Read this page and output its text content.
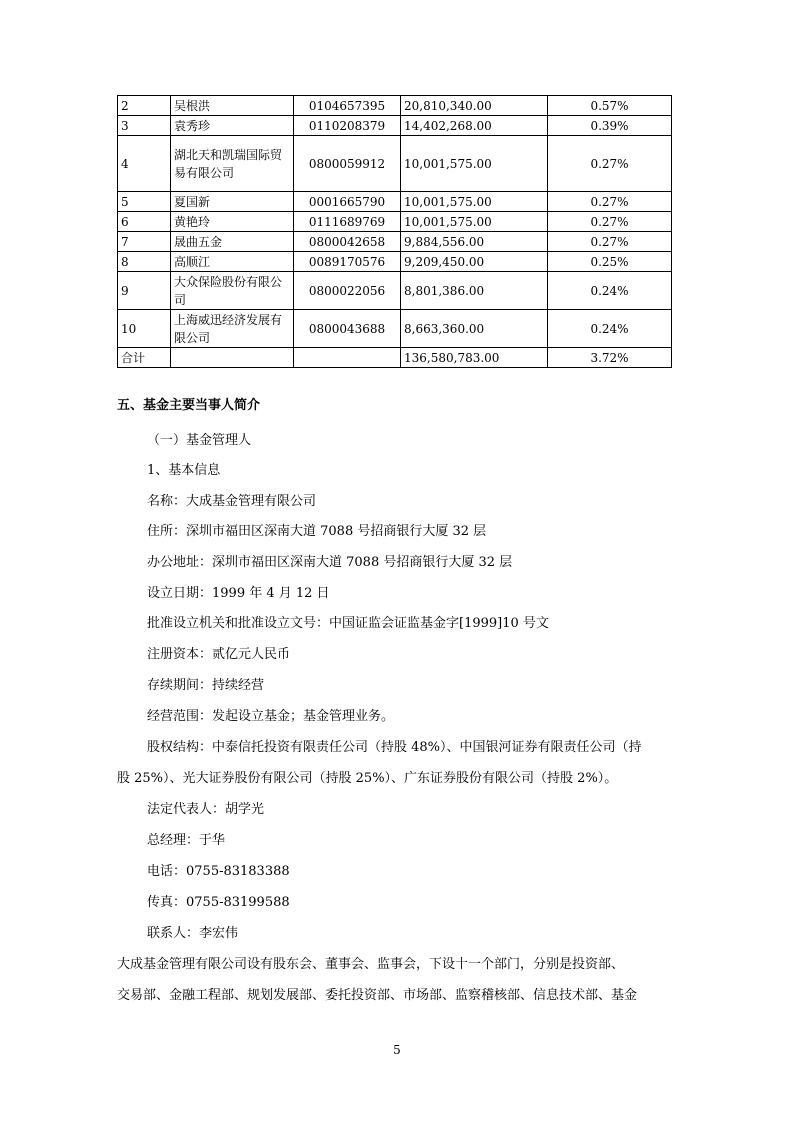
2	吴根洪	0104657395	20,810,340.00	0.57%
3	袁秀珍	0110208379	14,402,268.00	0.39%
4	湖北天和凯瑞国际贸易有限公司	0800059912	10,001,575.00	0.27%
5	夏国新	0001665790	10,001,575.00	0.27%
6	黄艳玲	0111689769	10,001,575.00	0.27%
7	晟曲五金	0800042658	9,884,556.00	0.27%
8	高顺江	0089170576	9,209,450.00	0.25%
9	大众保险股份有限公司	0800022056	8,801,386.00	0.24%
10	上海威迅经济发展有限公司	0800043688	8,663,360.00	0.24%
合计			136,580,783.00	3.72%
五、基金主要当事人简介
（一）基金管理人
1、基本信息
名称：大成基金管理有限公司
住所：深圳市福田区深南大道 7088 号招商银行大厦 32 层
办公地址：深圳市福田区深南大道 7088 号招商银行大厦 32 层
设立日期：1999 年 4 月 12 日
批准设立机关和批准设立文号：中国证监会证监基金字[1999]10 号文
注册资本：贰亿元人民币
存续期间：持续经营
经营范围：发起设立基金；基金管理业务。
股权结构：中泰信托投资有限责任公司（持股 48%）、中国银河证券有限责任公司（持
股 25%）、光大证券股份有限公司（持股 25%）、广东证券股份有限公司（持股 2%）。
法定代表人：胡学光
总经理：于华
电话：0755-83183388
传真：0755-83199588
联系人：李宏伟
大成基金管理有限公司设有股东会、董事会、监事会，下设十一个部门，分别是投资部、
交易部、金融工程部、规划发展部、委托投资部、市场部、监察稽核部、信息技术部、基金
5
